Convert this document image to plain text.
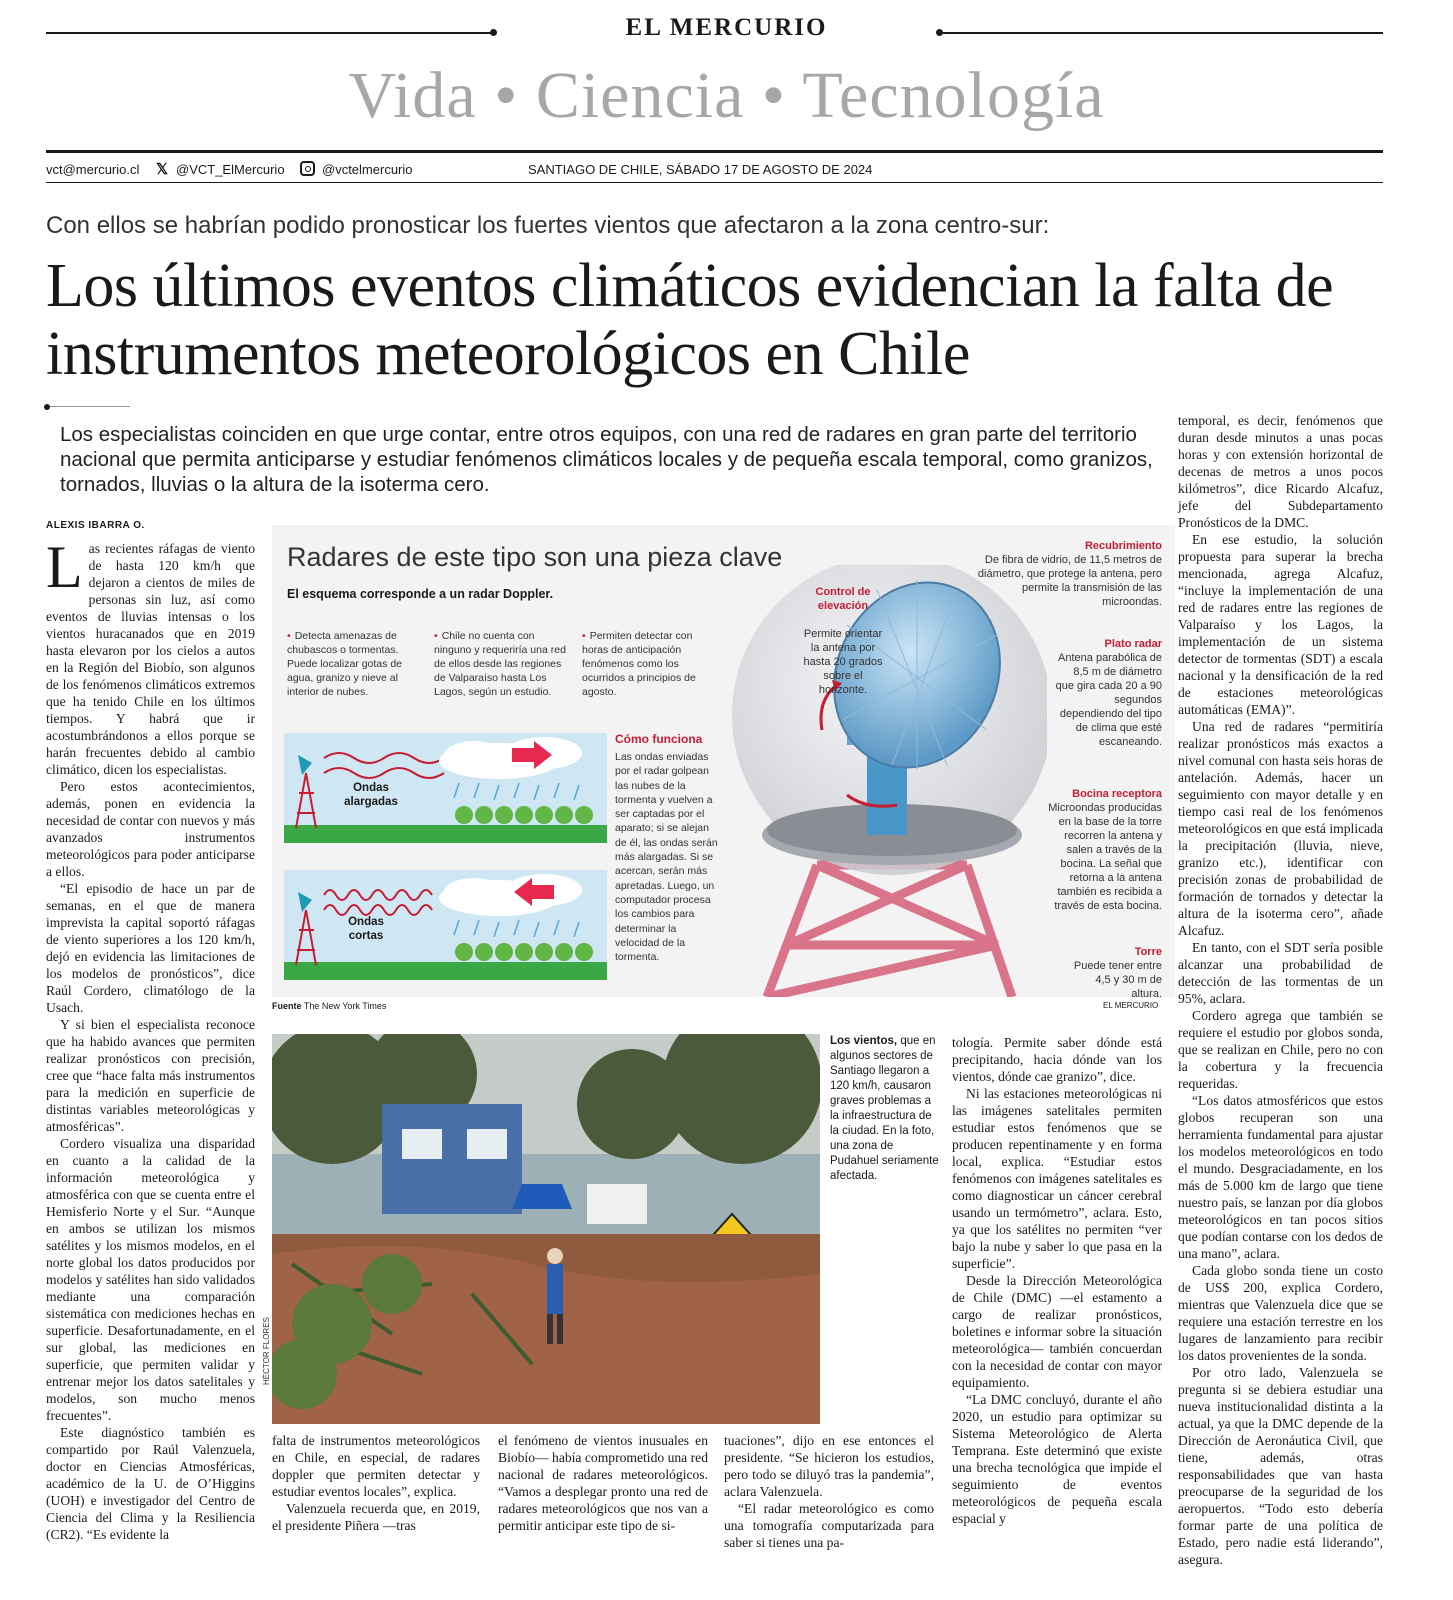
EL MERCURIO
Vida • Ciencia • Tecnología
vct@mercurio.cl 𝕏 @VCT_ElMercurio	@vctelmercurio	SANTIAGO DE CHILE, SÁBADO 17 DE AGOSTO DE 2024
Con ellos se habrían podido pronosticar los fuertes vientos que afectaron a la zona centro-sur:
Los últimos eventos climáticos evidencian la falta de instrumentos meteorológicos en Chile
Los especialistas coinciden en que urge contar, entre otros equipos, con una red de radares en gran parte del territorio nacional que permita anticiparse y estudiar fenómenos climáticos locales y de pequeña escala temporal, como granizos, tornados, lluvias o la altura de la isoterma cero.
ALEXIS IBARRA O.
L as recientes ráfagas de viento de hasta 120 km/h que dejaron a cientos de miles de personas sin luz, así como eventos de lluvias intensas o los vientos huracanados que en 2019 hasta elevaron por los cielos a autos en la Región del Biobío, son algunos de los fenómenos climáticos extremos que ha tenido Chile en los últimos tiempos. Y habrá que ir acostumbrándonos a ellos porque se harán frecuentes debido al cambio climático, dicen los especialistas.

Pero estos acontecimientos, además, ponen en evidencia la necesidad de contar con nuevos y más avanzados instrumentos meteorológicos para poder anticiparse a ellos.

“El episodio de hace un par de semanas, en el que de manera imprevista la capital soportó ráfagas de viento superiores a los 120 km/h, dejó en evidencia las limitaciones de los modelos de pronósticos”, dice Raúl Cordero, climatólogo de la Usach.

Y si bien el especialista reconoce que ha habido avances que permiten realizar pronósticos con precisión, cree que “hace falta más instrumentos para la medición en superficie de distintas variables meteorológicas y atmosféricas”.

Cordero visualiza una disparidad en cuanto a la calidad de la información meteorológica y atmosférica con que se cuenta entre el Hemisferio Norte y el Sur. “Aunque en ambos se utilizan los mismos satélites y los mismos modelos, en el norte global los datos producidos por modelos y satélites han sido validados mediante una comparación sistemática con mediciones hechas en superficie. Desafortunadamente, en el sur global, las mediciones en superficie, que permiten validar y entrenar mejor los datos satelitales y modelos, son mucho menos frecuentes”.

Este diagnóstico también es compartido por Raúl Valenzuela, doctor en Ciencias Atmosféricas, académico de la U. de O’Higgins (UOH) e investigador del Centro de Ciencia del Clima y la Resiliencia (CR2). “Es evidente la

Radares de este tipo son una pieza clave
El esquema corresponde a un radar Doppler.
• Detecta amenazas de chubascos o tormentas. Puede localizar gotas de agua, granizo y nieve al interior de nubes.
• Chile no cuenta con ninguno y requeriría una red de ellos desde las regiones de Valparaíso hasta Los Lagos, según un estudio.
• Permiten detectar con horas de anticipación fenómenos como los ocurridos a principios de agosto.
Ondas alargadas
Ondas cortas
Cómo funciona
Las ondas enviadas por el radar golpean las nubes de la tormenta y vuelven a ser captadas por el aparato; si se alejan de él, las ondas serán más alargadas. Si se acercan, serán más apretadas. Luego, un computador procesa los cambios para determinar la velocidad de la tormenta.
Control de elevación
Permite orientar la antena por hasta 20 grados sobre el horizonte.
Recubrimiento
De fibra de vidrio, de 11,5 metros de diámetro, que protege la antena, pero permite la transmisión de las microondas.
Plato radar
Antena parabólica de 8,5 m de diámetro que gira cada 20 a 90 segundos dependiendo del tipo de clima que esté escaneando.
Bocina receptora
Microondas producidas en la base de la torre recorren la antena y salen a través de la bocina. La señal que retorna a la antena también es recibida a través de esta bocina.
Torre
Puede tener entre 4,5 y 30 m de altura.
Fuente The New York Times	EL MERCURIO
HÉCTOR FLORES
Los vientos, que en algunos sectores de Santiago llegaron a 120 km/h, causaron graves problemas a la infraestructura de la ciudad. En la foto, una zona de Pudahuel seriamente afectada.

falta de instrumentos meteorológicos en Chile, en especial, de radares doppler que permiten detectar y estudiar eventos locales”, explica.

Valenzuela recuerda que, en 2019, el presidente Piñera —tras

el fenómeno de vientos inusuales en Biobío— había comprometido una red nacional de radares meteorológicos. “Vamos a desplegar pronto una red de radares meteorológicos que nos van a permitir anticipar este tipo de si-

tuaciones”, dijo en ese entonces el presidente. “Se hicieron los estudios, pero todo se diluyó tras la pandemia”, aclara Valenzuela.

“El radar meteorológico es como una tomografía computarizada para saber si tienes una pa-

tología. Permite saber dónde está precipitando, hacia dónde van los vientos, dónde cae granizo”, dice.

Ni las estaciones meteorológicas ni las imágenes satelitales permiten estudiar estos fenómenos que se producen repentinamente y en forma local, explica. “Estudiar estos fenómenos con imágenes satelitales es como diagnosticar un cáncer cerebral usando un termómetro”, aclara. Esto, ya que los satélites no permiten “ver bajo la nube y saber lo que pasa en la superficie”.

Desde la Dirección Meteorológica de Chile (DMC) —el estamento a cargo de realizar pronósticos, boletines e informar sobre la situación meteorológica— también concuerdan con la necesidad de contar con mayor equipamiento.

“La DMC concluyó, durante el año 2020, un estudio para optimizar su Sistema Meteorológico de Alerta Temprana. Este determinó que existe una brecha tecnológica que impide el seguimiento de eventos meteorológicos de pequeña escala espacial y

temporal, es decir, fenómenos que duran desde minutos a unas pocas horas y con extensión horizontal de decenas de metros a unos pocos kilómetros”, dice Ricardo Alcafuz, jefe del Subdepartamento Pronósticos de la DMC.

En ese estudio, la solución propuesta para superar la brecha mencionada, agrega Alcafuz, “incluye la implementación de una red de radares entre las regiones de Valparaíso y los Lagos, la implementación de un sistema detector de tormentas (SDT) a escala nacional y la densificación de la red de estaciones meteorológicas automáticas (EMA)”.

Una red de radares “permitiría realizar pronósticos más exactos a nivel comunal con hasta seis horas de antelación. Además, hacer un seguimiento con mayor detalle y en tiempo casi real de los fenómenos meteorológicos en que está implicada la precipitación (lluvia, nieve, granizo etc.), identificar con precisión zonas de probabilidad de formación de tornados y detectar la altura de la isoterma cero”, añade Alcafuz.

En tanto, con el SDT sería posible alcanzar una probabilidad de detección de las tormentas de un 95%, aclara.

Cordero agrega que también se requiere el estudio por globos sonda, que se realizan en Chile, pero no con la cobertura y la frecuencia requeridas.

“Los datos atmosféricos que estos globos recuperan son una herramienta fundamental para ajustar los modelos meteorológicos en todo el mundo. Desgraciadamente, en los más de 5.000 km de largo que tiene nuestro país, se lanzan por día globos meteorológicos en tan pocos sitios que podían contarse con los dedos de una mano”, aclara.

Cada globo sonda tiene un costo de US$ 200, explica Cordero, mientras que Valenzuela dice que se requiere una estación terrestre en los lugares de lanzamiento para recibir los datos provenientes de la sonda.

Por otro lado, Valenzuela se pregunta si se debiera estudiar una nueva institucionalidad distinta a la actual, ya que la DMC depende de la Dirección de Aeronáutica Civil, que tiene, además, otras responsabilidades que van hasta preocuparse de la seguridad de los aeropuertos. “Todo esto debería formar parte de una política de Estado, pero nadie está liderando”, asegura.
